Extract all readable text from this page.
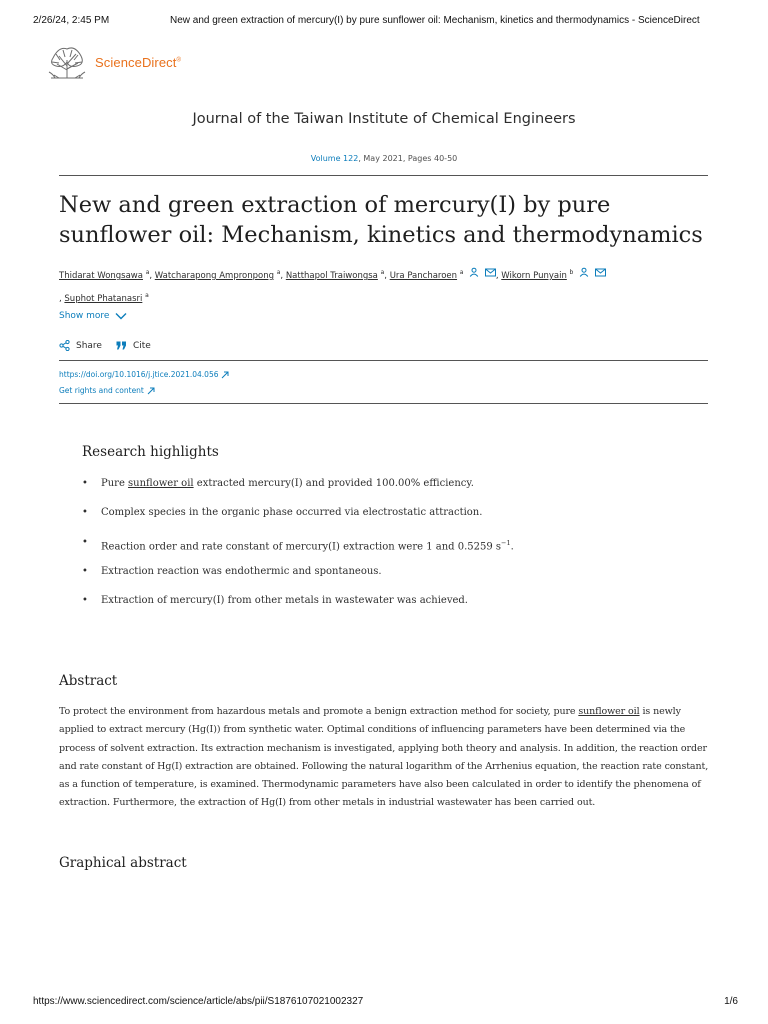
2/26/24, 2:45 PM	New and green extraction of mercury(I) by pure sunflower oil: Mechanism, kinetics and thermodynamics - ScienceDirect
ScienceDirect®
Journal of the Taiwan Institute of Chemical Engineers
Volume 122, May 2021, Pages 40-50
New and green extraction of mercury(I) by pure sunflower oil: Mechanism, kinetics and thermodynamics
Thidarat Wongsawa $^a$, Watcharapong Ampronpong $^a$, Natthapol Traiwongsa $^a$, Ura Pancharoen $^a$	, Wikorn Punyain $^b$
, Suphot Phatanasri $^a$
Show more
Share	Cite
https://doi.org/10.1016/j.jtice.2021.04.056
Get rights and content
Research highlights
• Pure sunflower oil extracted mercury(I) and provided 100.00% efficiency.
• Complex species in the organic phase occurred via electrostatic attraction.
• Reaction order and rate constant of mercury(I) extraction were 1 and 0.5259 $s^{-1}$.
• Extraction reaction was endothermic and spontaneous.
• Extraction of mercury(I) from other metals in wastewater was achieved.
Abstract

To protect the environment from hazardous metals and promote a benign extraction method for society, pure sunflower oil is newly applied to extract mercury (Hg(I)) from synthetic water. Optimal conditions of influencing parameters have been determined via the process of solvent extraction. Its extraction mechanism is investigated, applying both theory and analysis. In addition, the reaction order and rate constant of Hg(I) extraction are obtained. Following the natural logarithm of the Arrhenius equation, the reaction rate constant, as a function of temperature, is examined. Thermodynamic parameters have also been calculated in order to identify the phenomena of extraction. Furthermore, the extraction of Hg(I) from other metals in industrial wastewater has been carried out.

Graphical abstract
https://www.sciencedirect.com/science/article/abs/pii/S1876107021002327	1/6
